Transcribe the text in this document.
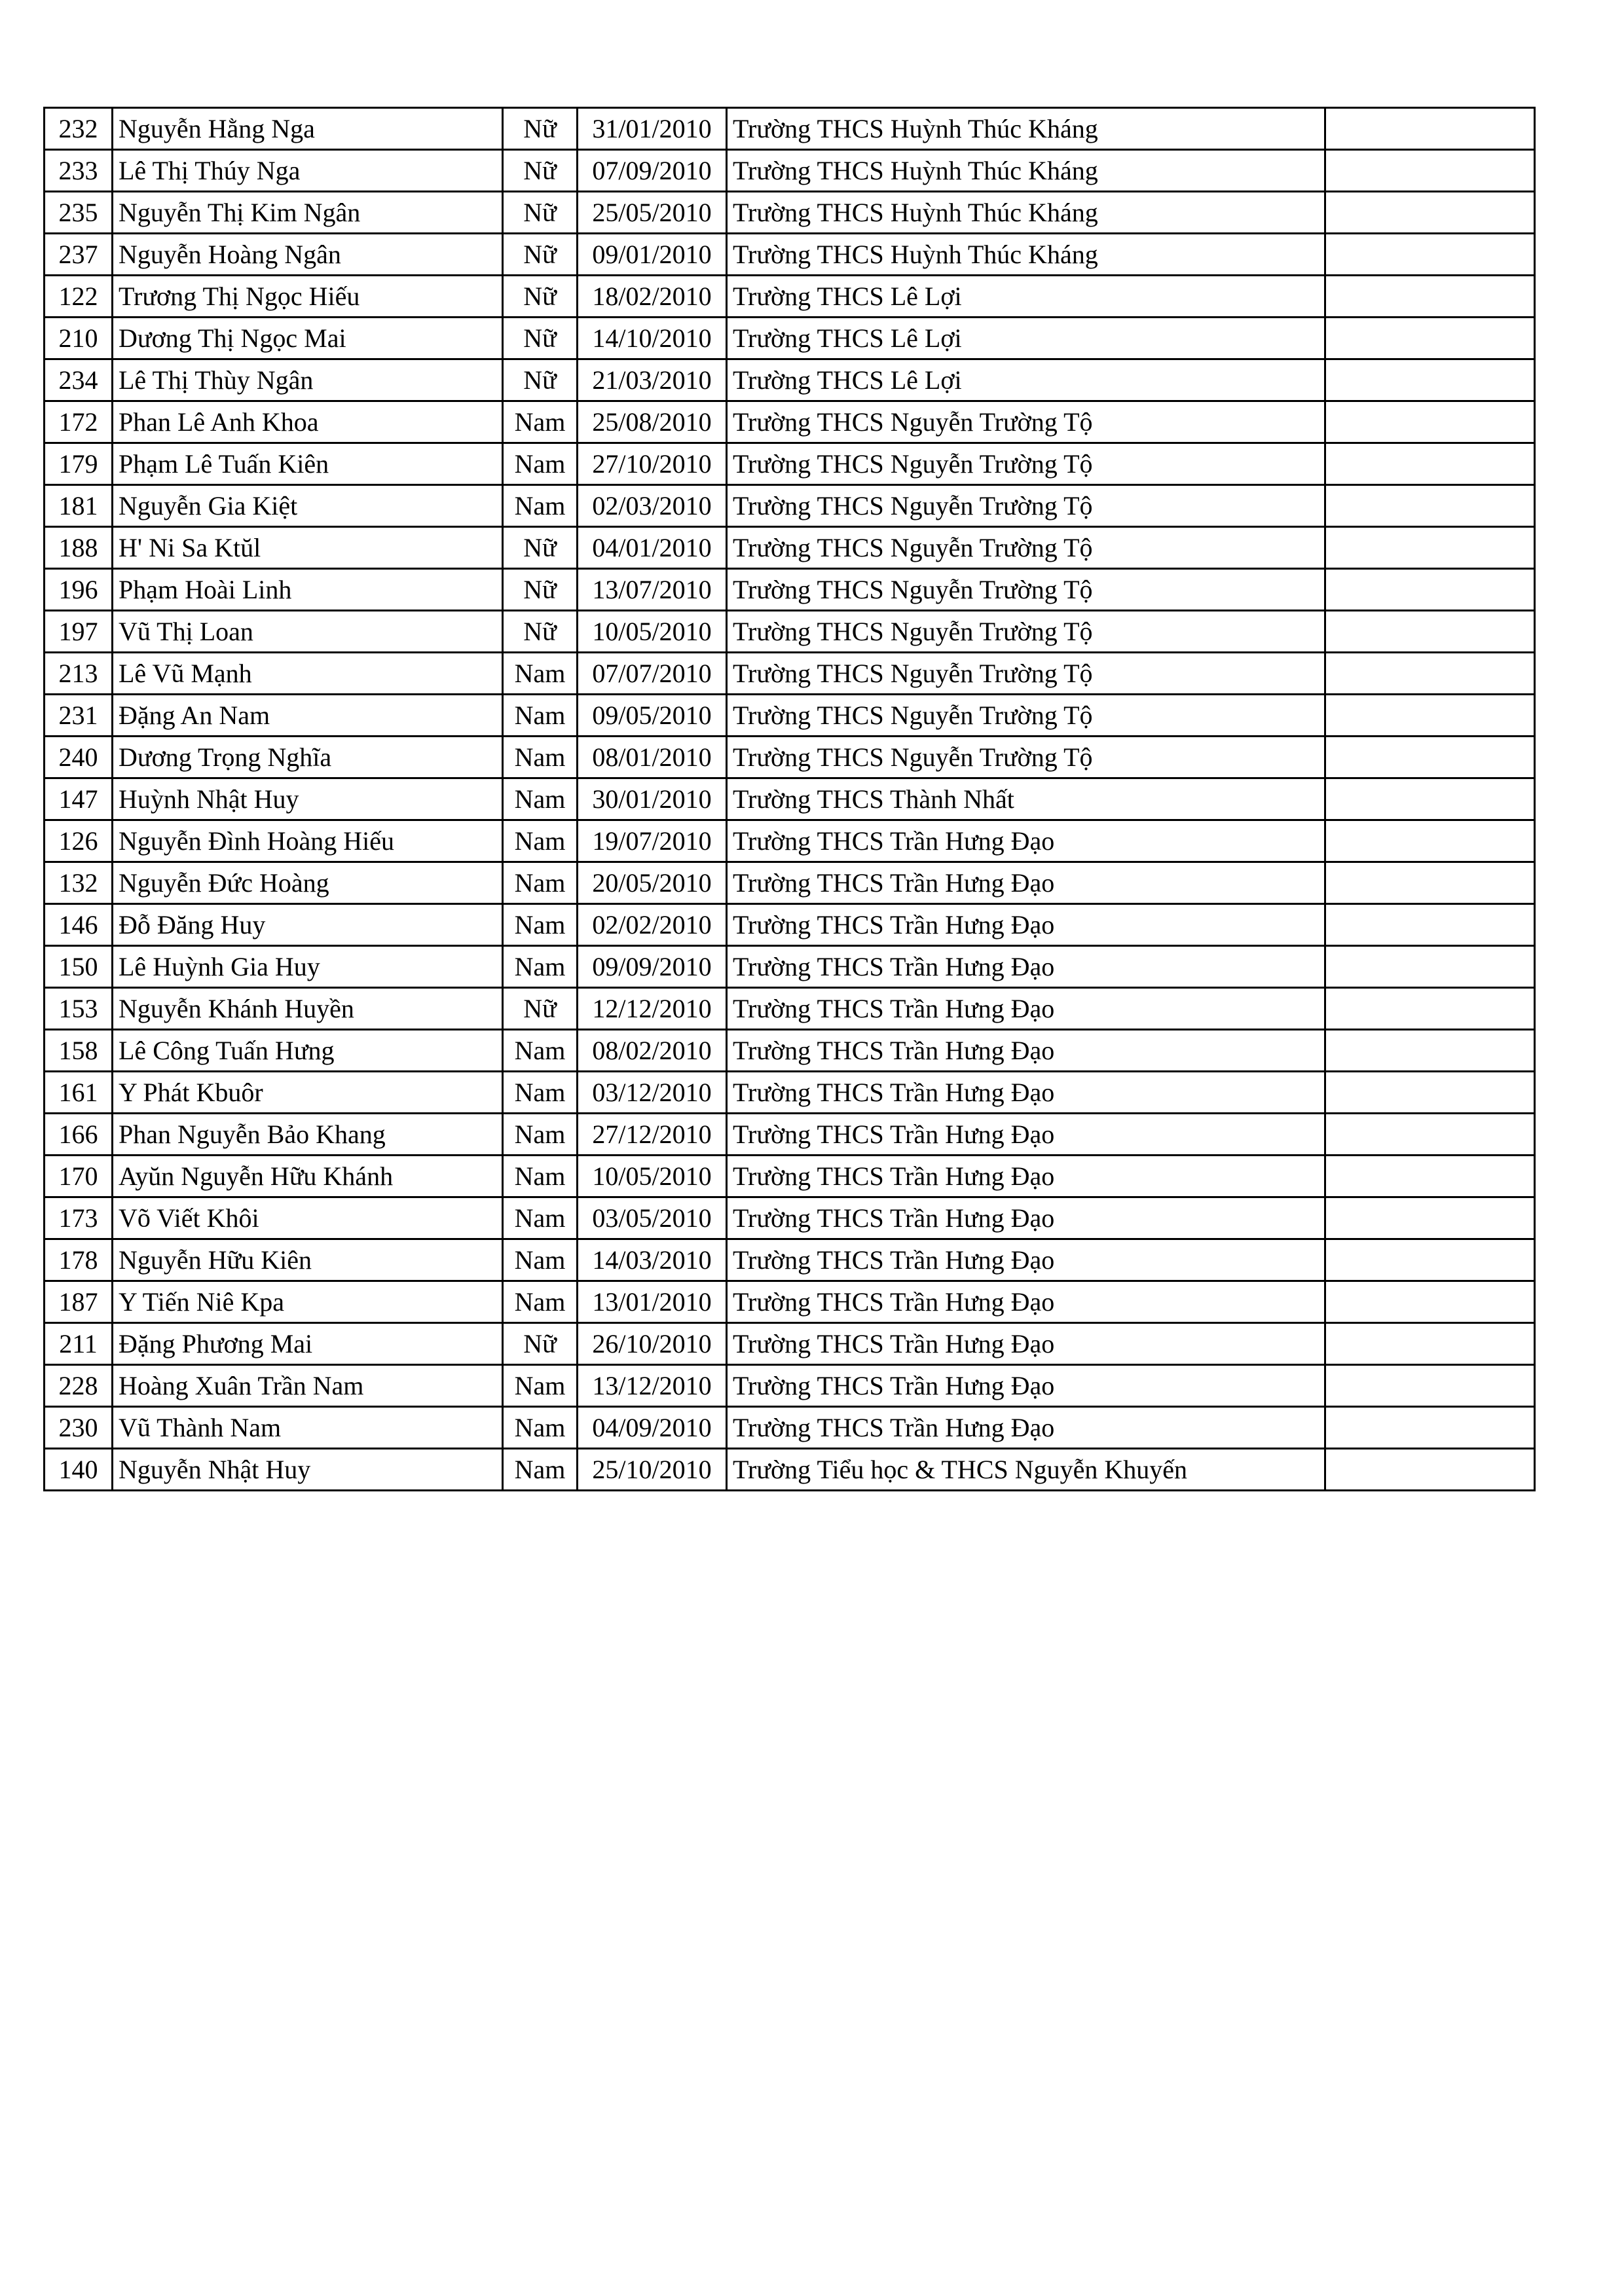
232	Nguyễn Hằng Nga	Nữ	31/01/2010	Trường THCS Huỳnh Thúc Kháng	
233	Lê Thị Thúy Nga	Nữ	07/09/2010	Trường THCS Huỳnh Thúc Kháng	
235	Nguyễn Thị Kim Ngân	Nữ	25/05/2010	Trường THCS Huỳnh Thúc Kháng	
237	Nguyễn Hoàng Ngân	Nữ	09/01/2010	Trường THCS Huỳnh Thúc Kháng	
122	Trương Thị Ngọc Hiếu	Nữ	18/02/2010	Trường THCS Lê Lợi	
210	Dương Thị Ngọc Mai	Nữ	14/10/2010	Trường THCS Lê Lợi	
234	Lê Thị Thùy Ngân	Nữ	21/03/2010	Trường THCS Lê Lợi	
172	Phan Lê Anh Khoa	Nam	25/08/2010	Trường THCS Nguyễn Trường Tộ	
179	Phạm Lê Tuấn Kiên	Nam	27/10/2010	Trường THCS Nguyễn Trường Tộ	
181	Nguyễn Gia Kiệt	Nam	02/03/2010	Trường THCS Nguyễn Trường Tộ	
188	H' Ni Sa Ktŭl	Nữ	04/01/2010	Trường THCS Nguyễn Trường Tộ	
196	Phạm Hoài Linh	Nữ	13/07/2010	Trường THCS Nguyễn Trường Tộ	
197	Vũ Thị Loan	Nữ	10/05/2010	Trường THCS Nguyễn Trường Tộ	
213	Lê Vũ Mạnh	Nam	07/07/2010	Trường THCS Nguyễn Trường Tộ	
231	Đặng An Nam	Nam	09/05/2010	Trường THCS Nguyễn Trường Tộ	
240	Dương Trọng Nghĩa	Nam	08/01/2010	Trường THCS Nguyễn Trường Tộ	
147	Huỳnh Nhật Huy	Nam	30/01/2010	Trường THCS Thành Nhất	
126	Nguyễn Đình Hoàng Hiếu	Nam	19/07/2010	Trường THCS Trần Hưng Đạo	
132	Nguyễn Đức Hoàng	Nam	20/05/2010	Trường THCS Trần Hưng Đạo	
146	Đỗ Đăng Huy	Nam	02/02/2010	Trường THCS Trần Hưng Đạo	
150	Lê Huỳnh Gia Huy	Nam	09/09/2010	Trường THCS Trần Hưng Đạo	
153	Nguyễn Khánh Huyền	Nữ	12/12/2010	Trường THCS Trần Hưng Đạo	
158	Lê Công Tuấn Hưng	Nam	08/02/2010	Trường THCS Trần Hưng Đạo	
161	Y Phát Kbuôr	Nam	03/12/2010	Trường THCS Trần Hưng Đạo	
166	Phan Nguyễn Bảo Khang	Nam	27/12/2010	Trường THCS Trần Hưng Đạo	
170	Ayŭn Nguyễn Hữu Khánh	Nam	10/05/2010	Trường THCS Trần Hưng Đạo	
173	Võ Viết Khôi	Nam	03/05/2010	Trường THCS Trần Hưng Đạo	
178	Nguyễn Hữu Kiên	Nam	14/03/2010	Trường THCS Trần Hưng Đạo	
187	Y Tiến Niê Kpa	Nam	13/01/2010	Trường THCS Trần Hưng Đạo	
211	Đặng Phương Mai	Nữ	26/10/2010	Trường THCS Trần Hưng Đạo	
228	Hoàng Xuân Trần Nam	Nam	13/12/2010	Trường THCS Trần Hưng Đạo	
230	Vũ Thành Nam	Nam	04/09/2010	Trường THCS Trần Hưng Đạo	
140	Nguyễn Nhật Huy	Nam	25/10/2010	Trường Tiểu học & THCS Nguyễn Khuyến	
